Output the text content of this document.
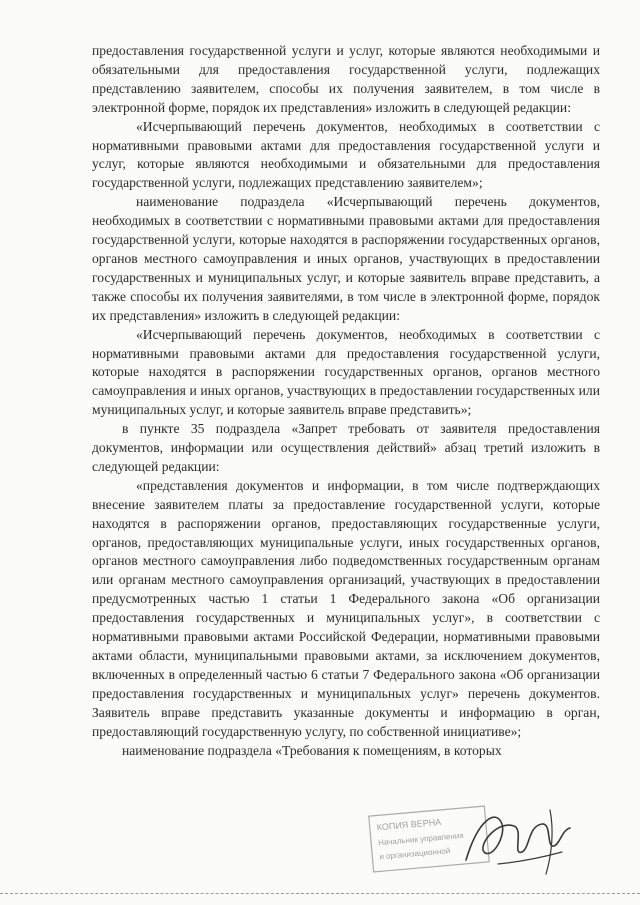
предоставления государственной услуги и услуг, которые являются необходимыми и обязательными для предоставления государственной услуги, подлежащих представлению заявителем, способы их получения заявителем, в том числе в электронной форме, порядок их представления» изложить в следующей редакции:

«Исчерпывающий перечень документов, необходимых в соответствии с нормативными правовыми актами для предоставления государственной услуги и услуг, которые являются необходимыми и обязательными для предоставления государственной услуги, подлежащих представлению заявителем»;

наименование подраздела «Исчерпывающий перечень документов, необходимых в соответствии с нормативными правовыми актами для предоставления государственной услуги, которые находятся в распоряжении государственных органов, органов местного самоуправления и иных органов, участвующих в предоставлении государственных и муниципальных услуг, и которые заявитель вправе представить, а также способы их получения заявителями, в том числе в электронной форме, порядок их представления» изложить в следующей редакции:

«Исчерпывающий перечень документов, необходимых в соответствии с нормативными правовыми актами для предоставления государственной услуги, которые находятся в распоряжении государственных органов, органов местного самоуправления и иных органов, участвующих в предоставлении государственных или муниципальных услуг, и которые заявитель вправе представить»;

в пункте 35 подраздела «Запрет требовать от заявителя предоставления документов, информации или осуществления действий» абзац третий изложить в следующей редакции:

«представления документов и информации, в том числе подтверждающих внесение заявителем платы за предоставление государственной услуги, которые находятся в распоряжении органов, предоставляющих государственные услуги, органов, предоставляющих муниципальные услуги, иных государственных органов, органов местного самоуправления либо подведомственных государственным органам или органам местного самоуправления организаций, участвующих в предоставлении предусмотренных частью 1 статьи 1 Федерального закона «Об организации предоставления государственных и муниципальных услуг», в соответствии с нормативными правовыми актами Российской Федерации, нормативными правовыми актами области, муниципальными правовыми актами, за исключением документов, включенных в определенный частью 6 статьи 7 Федерального закона «Об организации предоставления государственных и муниципальных услуг» перечень документов. Заявитель вправе представить указанные документы и информацию в орган, предоставляющий государственную услугу, по собственной инициативе»;

наименование подраздела «Требования к помещениям, в которых

КОПИЯ ВЕРНА
Начальник управления
и организационной
